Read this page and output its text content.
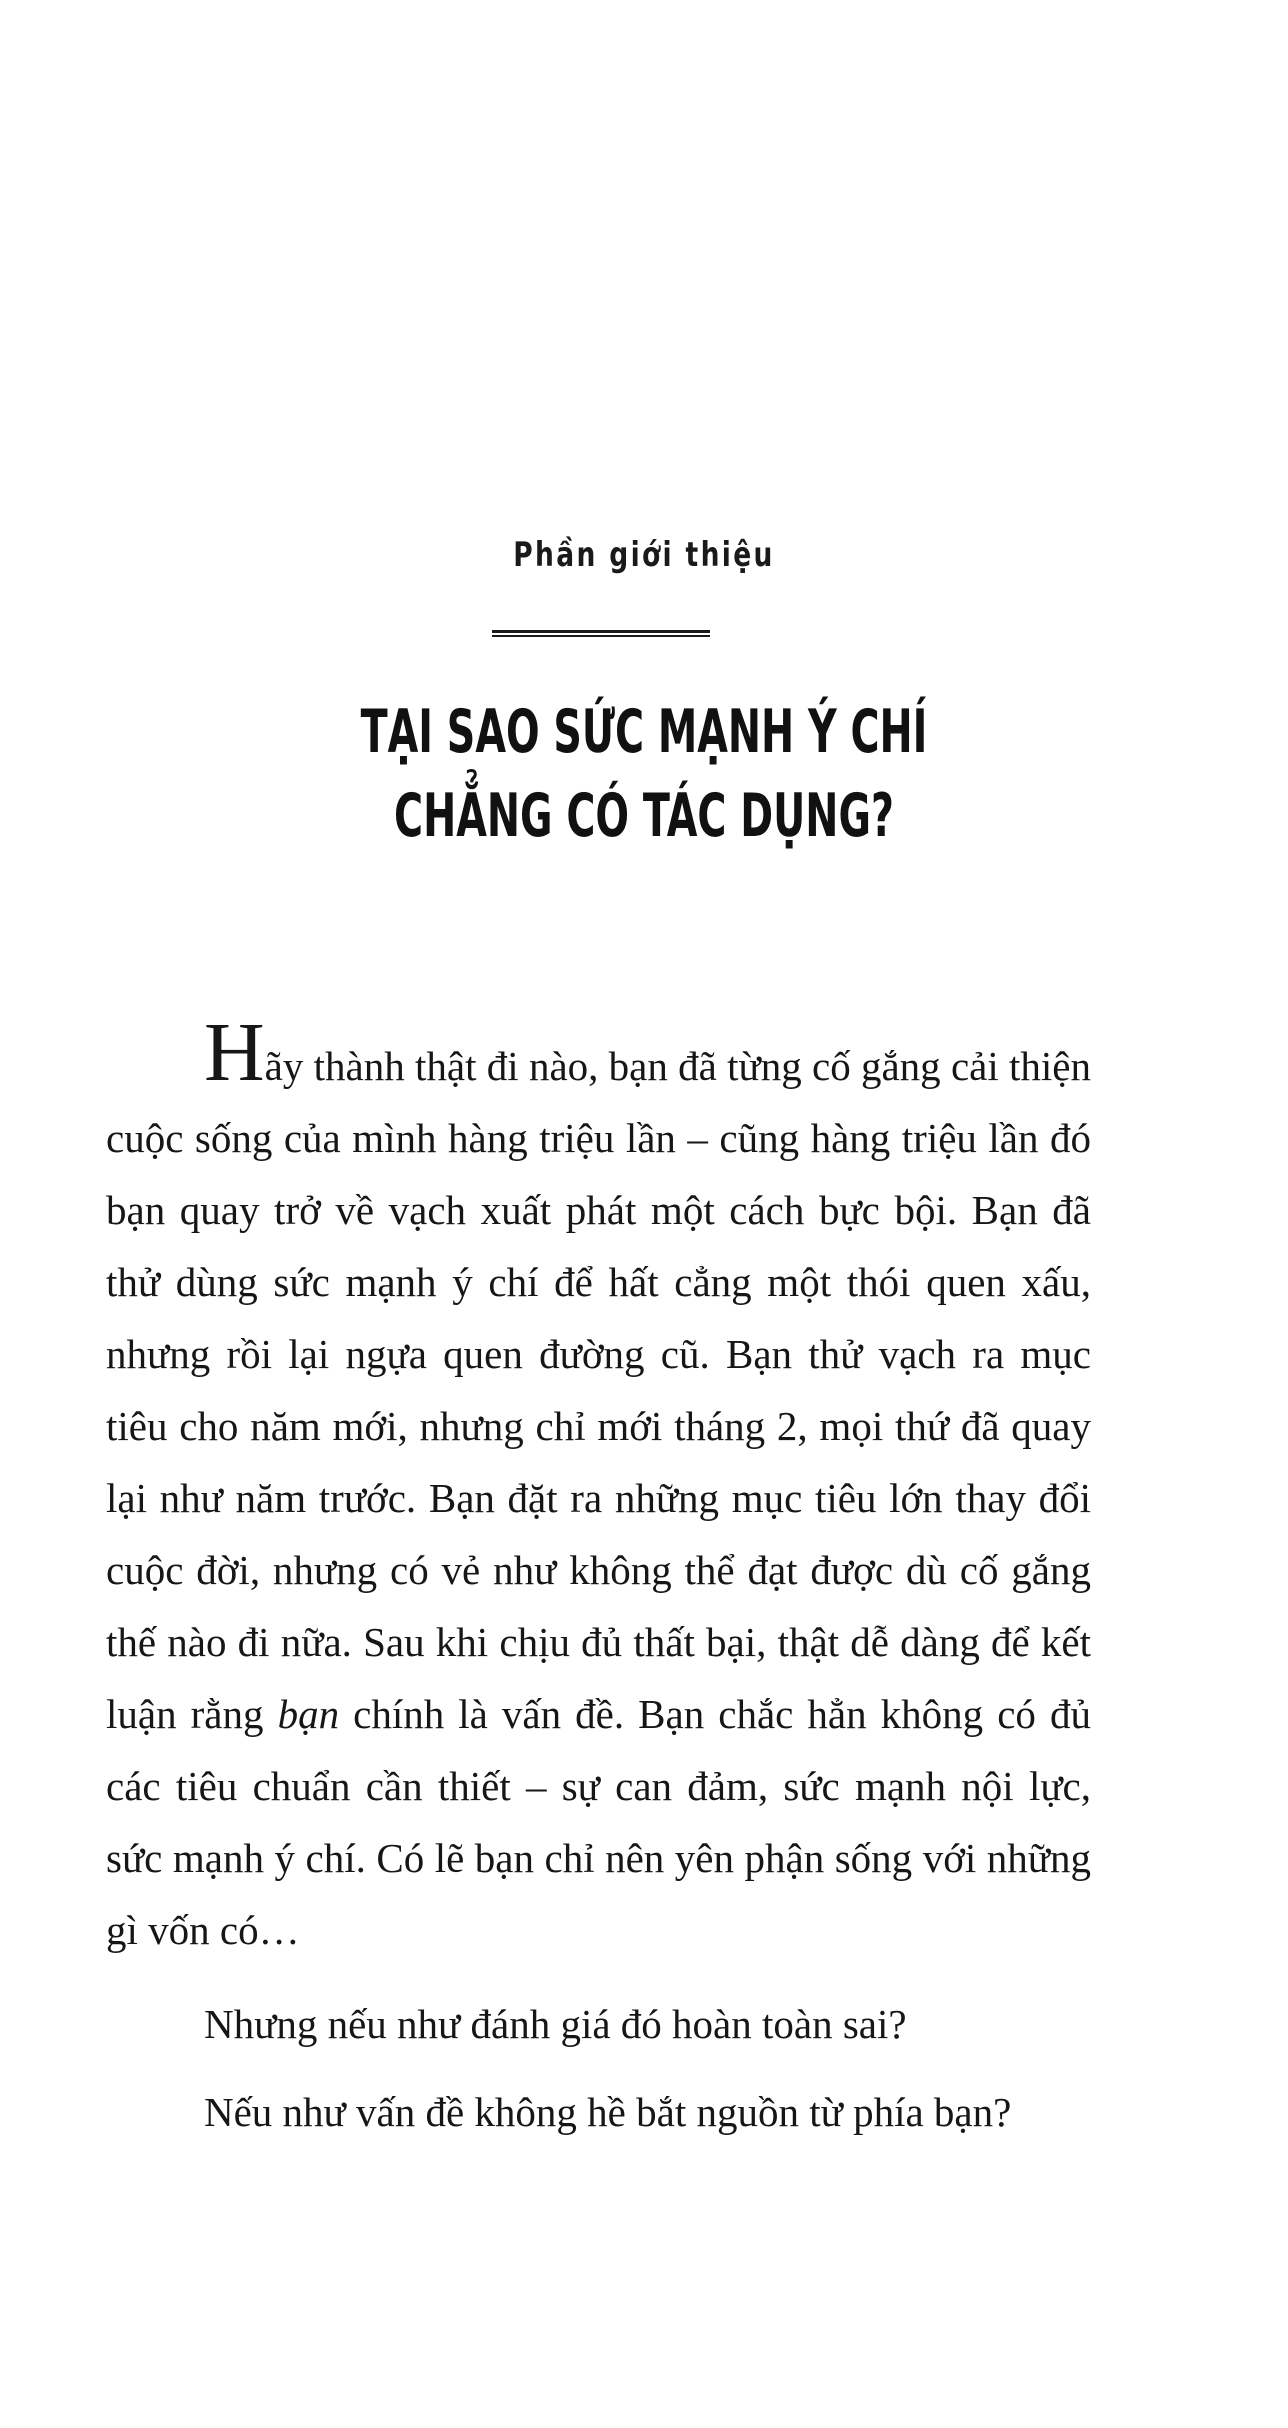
Phần giới thiệu
TẠI SAO SỨC MẠNH Ý CHÍ
CHẲNG CÓ TÁC DỤNG?

Hãy thành thật đi nào, bạn đã từng cố gắng cải thiện cuộc sống của mình hàng triệu lần – cũng hàng triệu lần đó bạn quay trở về vạch xuất phát một cách bực bội. Bạn đã thử dùng sức mạnh ý chí để hất cẳng một thói quen xấu, nhưng rồi lại ngựa quen đường cũ. Bạn thử vạch ra mục tiêu cho năm mới, nhưng chỉ mới tháng 2, mọi thứ đã quay lại như năm trước. Bạn đặt ra những mục tiêu lớn thay đổi cuộc đời, nhưng có vẻ như không thể đạt được dù cố gắng thế nào đi nữa. Sau khi chịu đủ thất bại, thật dễ dàng để kết luận rằng bạn chính là vấn đề. Bạn chắc hẳn không có đủ các tiêu chuẩn cần thiết – sự can đảm, sức mạnh nội lực, sức mạnh ý chí. Có lẽ bạn chỉ nên yên phận sống với những gì vốn có…

Nhưng nếu như đánh giá đó hoàn toàn sai?

Nếu như vấn đề không hề bắt nguồn từ phía bạn?
